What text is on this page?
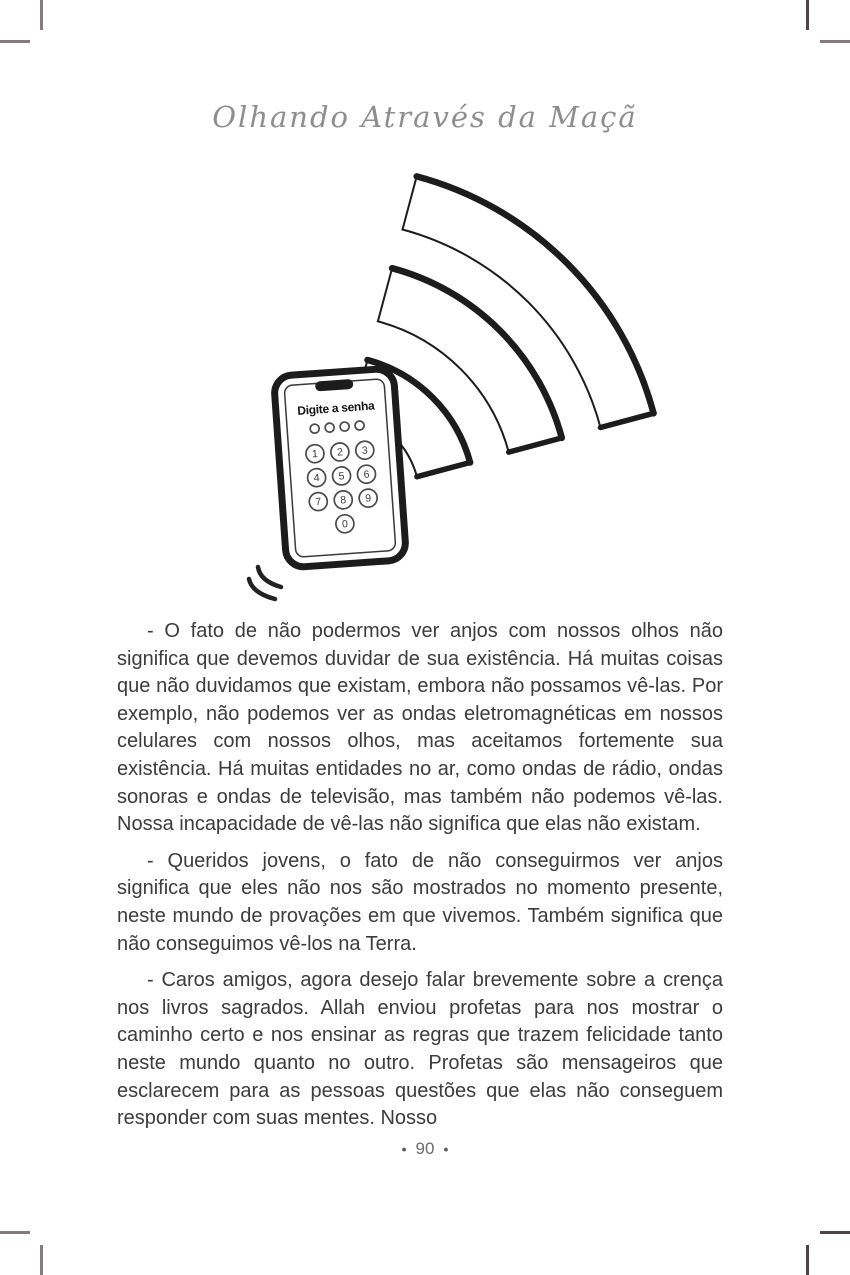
Olhando Através da Maçã
Digite a senha
1 2 3
4 5 6
7 8 9
0

- O fato de não podermos ver anjos com nossos olhos não significa que devemos duvidar de sua existência. Há muitas coisas que não duvidamos que existam, embora não possamos vê-las. Por exemplo, não podemos ver as ondas eletromagnéticas em nossos celulares com nossos olhos, mas aceitamos fortemente sua existência. Há muitas entidades no ar, como ondas de rádio, ondas sonoras e ondas de televisão, mas também não podemos vê-las. Nossa incapacidade de vê-las não significa que elas não existam.

- Queridos jovens, o fato de não conseguirmos ver anjos significa que eles não nos são mostrados no momento presente, neste mundo de provações em que vivemos. Também significa que não conseguimos vê-los na Terra.

- Caros amigos, agora desejo falar brevemente sobre a crença nos livros sagrados. Allah enviou profetas para nos mostrar o caminho certo e nos ensinar as regras que trazem felicidade tanto neste mundo quanto no outro. Profetas são mensageiros que esclarecem para as pessoas questões que elas não conseguem responder com suas mentes. Nosso

• 90 •
